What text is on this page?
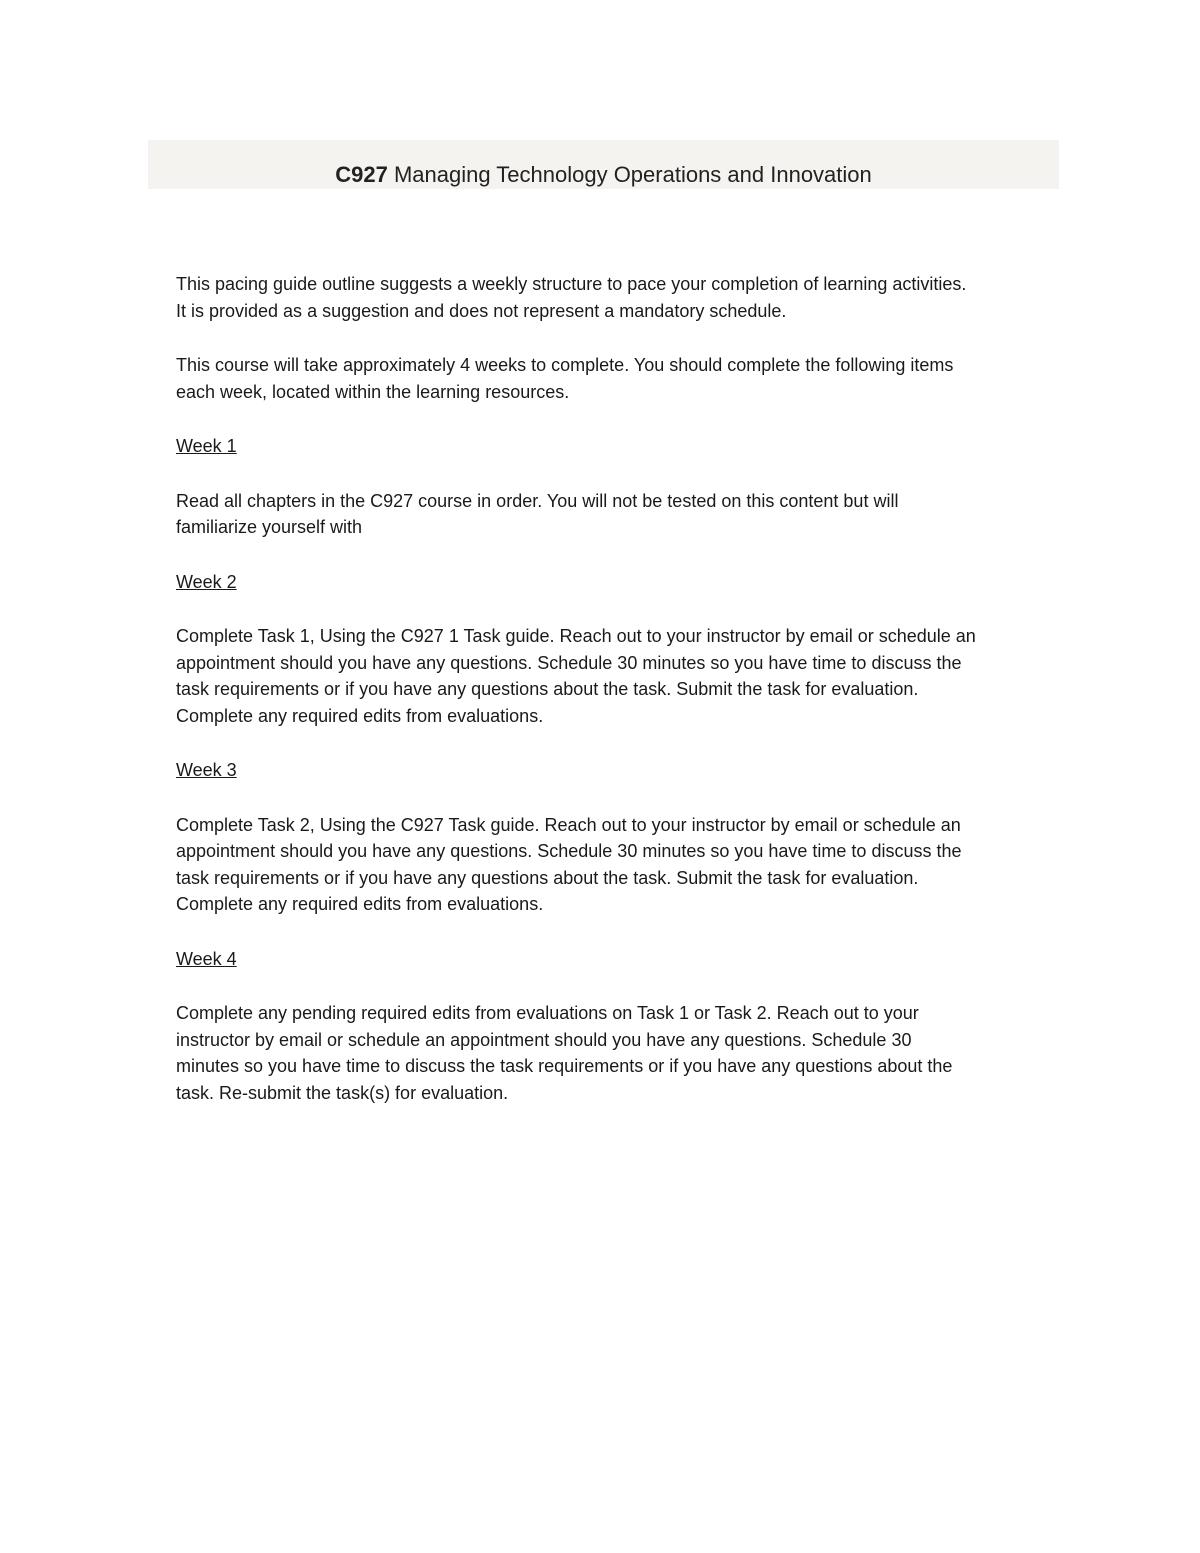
C927 Managing Technology Operations and Innovation

This pacing guide outline suggests a weekly structure to pace your completion of learning activities.
It is provided as a suggestion and does not represent a mandatory schedule.

This course will take approximately 4 weeks to complete. You should complete the following items
each week, located within the learning resources.

Week 1

Read all chapters in the C927 course in order. You will not be tested on this content but will
familiarize yourself with

Week 2

Complete Task 1, Using the C927 1 Task guide. Reach out to your instructor by email or schedule an
appointment should you have any questions. Schedule 30 minutes so you have time to discuss the
task requirements or if you have any questions about the task. Submit the task for evaluation.
Complete any required edits from evaluations.

Week 3

Complete Task 2, Using the C927 Task guide. Reach out to your instructor by email or schedule an
appointment should you have any questions. Schedule 30 minutes so you have time to discuss the
task requirements or if you have any questions about the task. Submit the task for evaluation.
Complete any required edits from evaluations.

Week 4

Complete any pending required edits from evaluations on Task 1 or Task 2. Reach out to your
instructor by email or schedule an appointment should you have any questions. Schedule 30
minutes so you have time to discuss the task requirements or if you have any questions about the
task. Re-submit the task(s) for evaluation.
